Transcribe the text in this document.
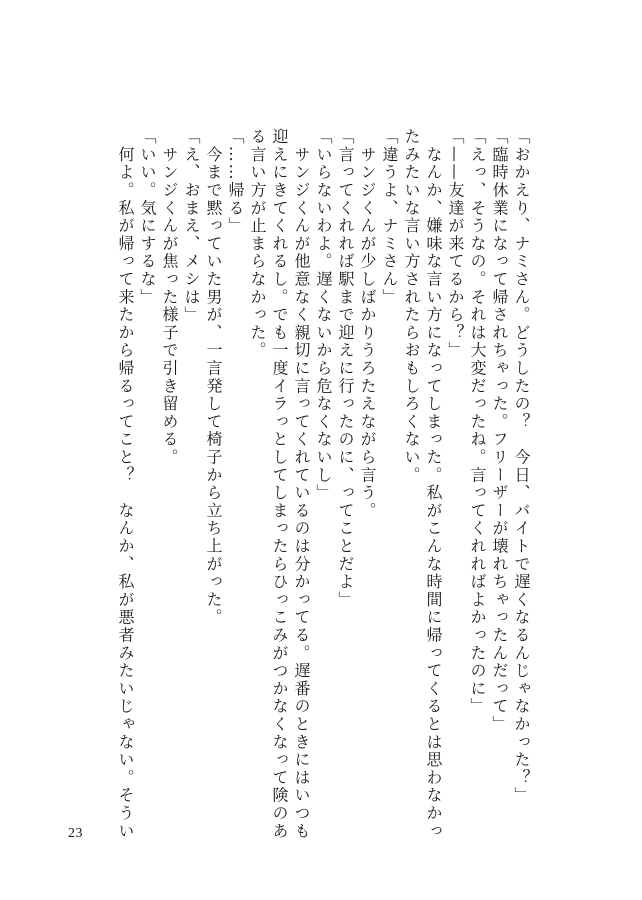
「おかえり、ナミさん。どうしたの？　今日、バイトで遅くなるんじゃなかった？」
「臨時休業になって帰されちゃった。フリーザーが壊れちゃったんだって」
「えっ、そうなの。それは大変だったね。言ってくれればよかったのに」
「——友達が来てるから？」
　なんか、嫌味な言い方になってしまった。私がこんな時間に帰ってくるとは思わなかっ
たみたいな言い方されたらおもしろくない。
「違うよ、ナミさん」
　サンジくんが少しばかりうろたえながら言う。
「言ってくれれば駅まで迎えに行ったのに、ってことだよ」
「いらないわよ。遅くないから危なくないし」
　サンジくんが他意なく親切に言ってくれているのは分かってる。遅番のときにはいつも
迎えにきてくれるし。でも一度イラっとしてしまったらひっこみがつかなくなって険のあ
る言い方が止まらなかった。
「……帰る」
　今まで黙っていた男が、一言発して椅子から立ち上がった。
「え、おまえ、メシは」
　サンジくんが焦った様子で引き留める。
「いい。気にするな」
　何よ。私が帰って来たから帰るってこと？　なんか、私が悪者みたいじゃない。そうい
23
